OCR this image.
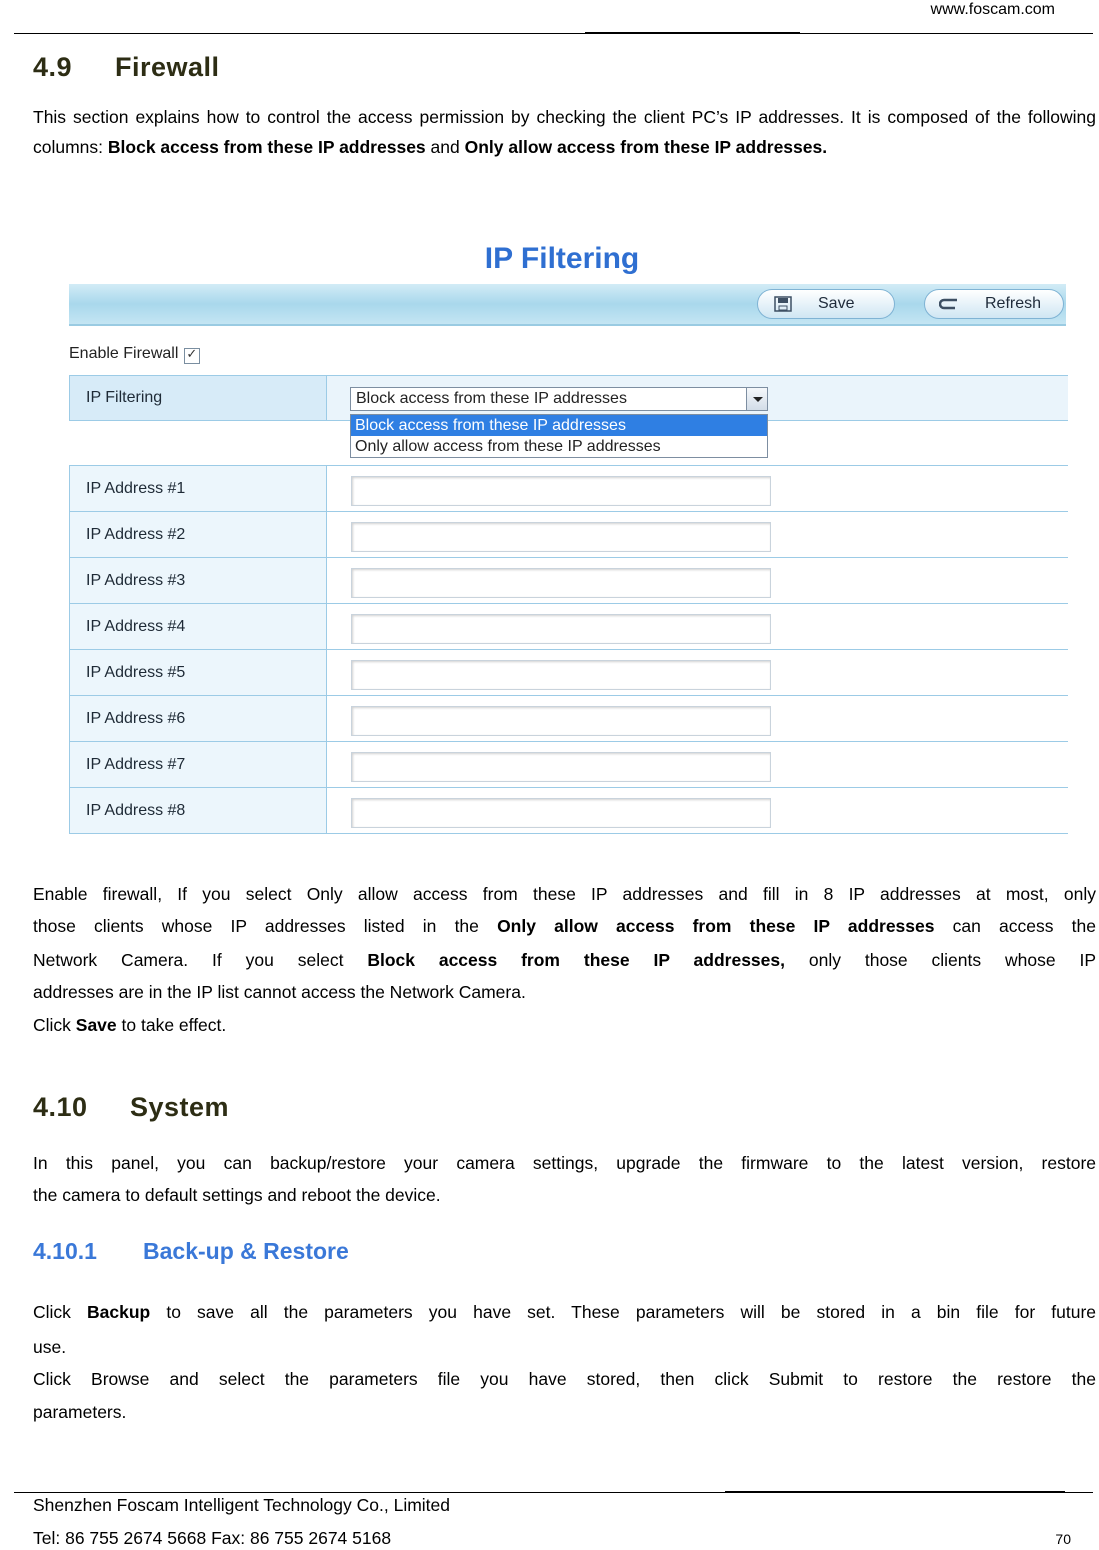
www.foscam.com
4.9 Firewall
This section explains how to control the access permission by checking the client PC’s IP addresses. It is composed of the following columns: Block access from these IP addresses and Only allow access from these IP addresses.
IP Filtering
Save	Refresh
Enable Firewall
✓
IP Filtering	Block access from these IP addresses
Block access from these IP addresses
Only allow access from these IP addresses
IP Address #1	

IP Address #2	

IP Address #3	

IP Address #4	

IP Address #5	

IP Address #6	

IP Address #7	

IP Address #8	
Enable firewall, If you select Only allow access from these IP addresses and fill in 8 IP addresses at most, only
those clients whose IP addresses listed in the Only allow access from these IP addresses can access the
Network Camera. If you select Block access from these IP addresses, only those clients whose IP
addresses are in the IP list cannot access the Network Camera.
Click Save to take effect.
4.10 System
In this panel, you can backup/restore your camera settings, upgrade the firmware to the latest version, restore
the camera to default settings and reboot the device.
4.10.1 Back-up & Restore
Click Backup to save all the parameters you have set. These parameters will be stored in a bin file for future
use.
Click Browse and select the parameters file you have stored, then click Submit to restore the restore the
parameters.
Shenzhen Foscam Intelligent Technology Co., Limited
Tel: 86 755 2674 5668 Fax: 86 755 2674 5168	70
